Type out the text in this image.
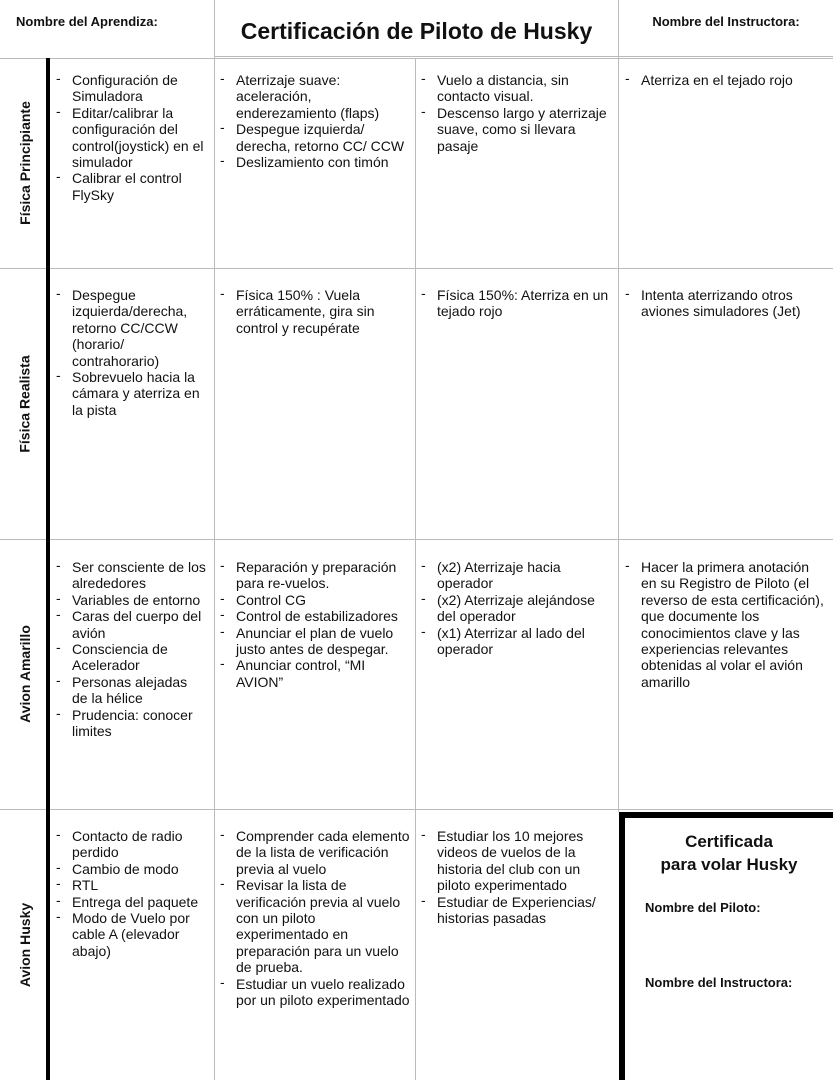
Nombre del Aprendiza:	Certificación de Piloto de Husky	Nombre del Instructora:
Física Principiante
Física Realista
Avion Amarillo
Avion Husky
- Configuración de Simuladora
- Editar/calibrar la configuración del control(joystick) en el simulador
- Calibrar el control FlySky
- Aterrizaje suave: aceleración, enderezamiento (flaps)
- Despegue izquierda/ derecha, retorno CC/ CCW
- Deslizamiento con timón
- Vuelo a distancia, sin contacto visual.
- Descenso largo y aterrizaje suave, como si llevara pasaje
- Aterriza en el tejado rojo
- Despegue izquierda/derecha, retorno CC/CCW (horario/ contrahorario)
- Sobrevuelo hacia la cámara y aterriza en la pista
- Física 150% : Vuela erráticamente, gira sin control y recupérate
- Física 150%: Aterriza en un tejado rojo
- Intenta aterrizando otros aviones simuladores (Jet)
- Ser consciente de los alrededores
- Variables de entorno
- Caras del cuerpo del avión
- Consciencia de Acelerador
- Personas alejadas de la hélice
- Prudencia: conocer limites
- Reparación y preparación para re-vuelos.
- Control CG
- Control de estabilizadores
- Anunciar el plan de vuelo justo antes de despegar.
- Anunciar control, “MI AVION”
- (x2) Aterrizaje hacia operador
- (x2) Aterrizaje alejándose del operador
- (x1) Aterrizar al lado del operador
- Hacer la primera anotación en su Registro de Piloto (el reverso de esta certificación), que documente los conocimientos clave y las experiencias relevantes obtenidas al volar el avión amarillo
- Contacto de radio perdido
- Cambio de modo
- RTL
- Entrega del paquete
- Modo de Vuelo por cable A (elevador abajo)
- Comprender cada elemento de la lista de verificación previa al vuelo
- Revisar la lista de verificación previa al vuelo con un piloto experimentado en preparación para un vuelo de prueba.
- Estudiar un vuelo realizado por un piloto experimentado
- Estudiar los 10 mejores videos de vuelos de la historia del club con un piloto experimentado
- Estudiar de Experiencias/ historias pasadas
Certificada
para volar Husky
Nombre del Piloto:
Nombre del Instructora:
